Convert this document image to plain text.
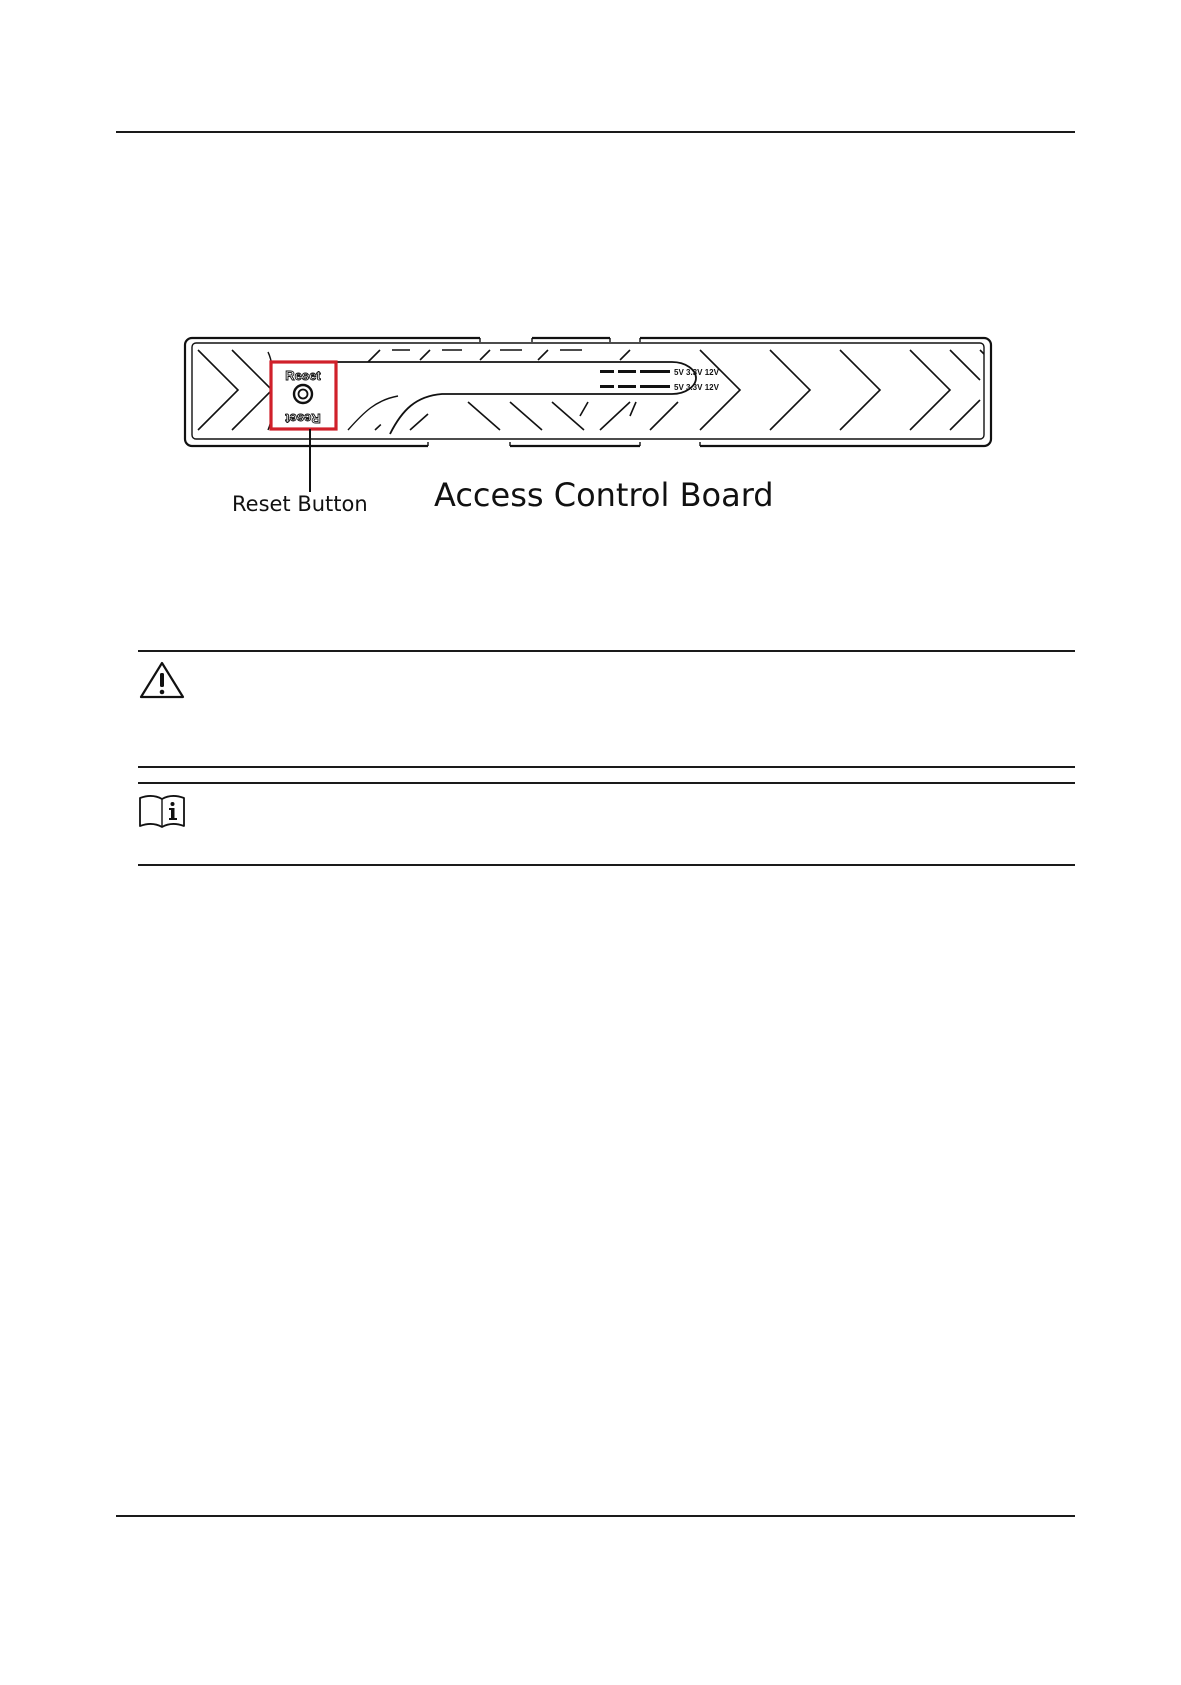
5V 3.3V 12V
5V 3.3V 12V
Reset
Reset
Reset Button Access Control Board
